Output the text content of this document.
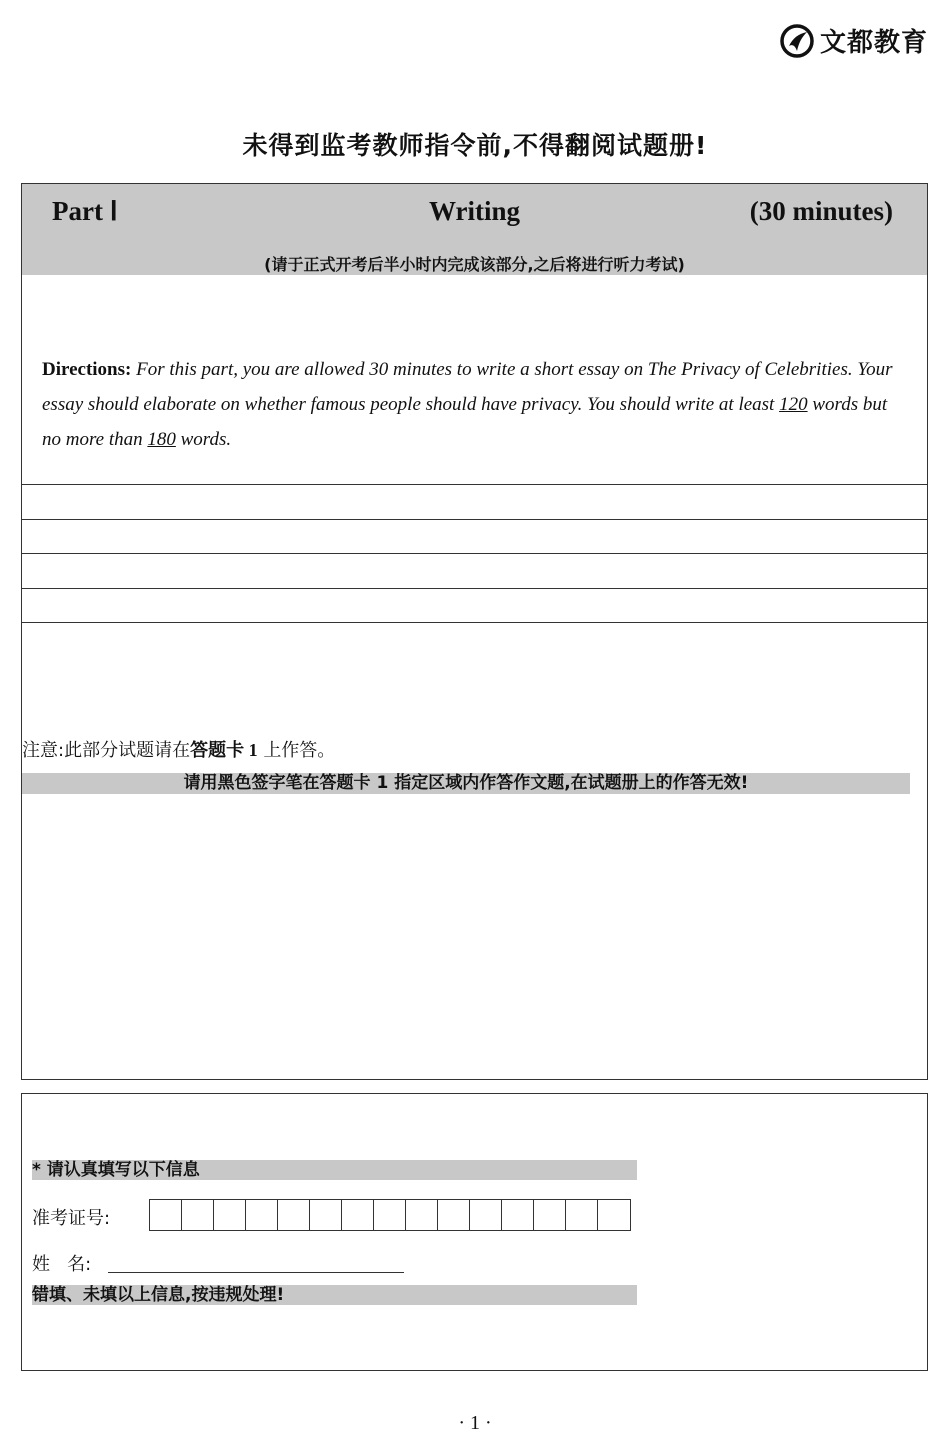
文都教育
未得到监考教师指令前,不得翻阅试题册!
Writing
Part Ⅰ	(30 minutes)
(请于正式开考后半小时内完成该部分,之后将进行听力考试)
Directions: For this part, you are allowed 30 minutes to write a short essay on The Privacy of Celebrities. Your essay should elaborate on whether famous people should have privacy. You should write at least 120 words but no more than 180 words.
注意:此部分试题请在答题卡 1 上作答。
请用黑色签字笔在答题卡 1 指定区域内作答作文题,在试题册上的作答无效!
* 请认真填写以下信息
准考证号:
姓   名:
错填、未填以上信息,按违规处理!
· 1 ·
